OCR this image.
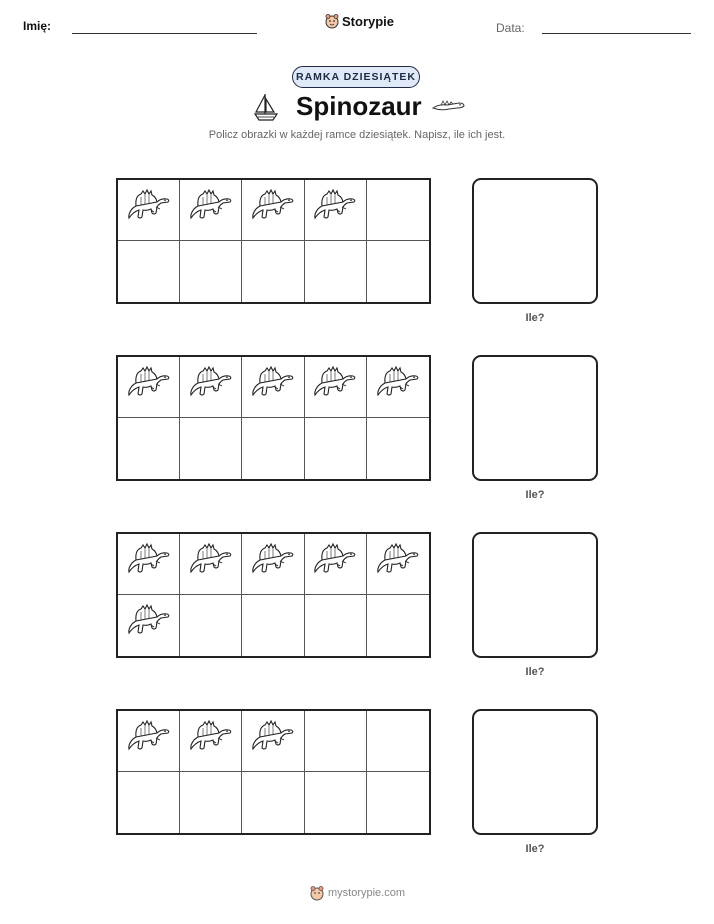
Imię:	Storypie	Data:
RAMKA DZIESIĄTEK
Spinozaur
Policz obrazki w każdej ramce dziesiątek. Napisz, ile ich jest.
Ile?
Ile?
Ile?
Ile?
mystorypie.com
